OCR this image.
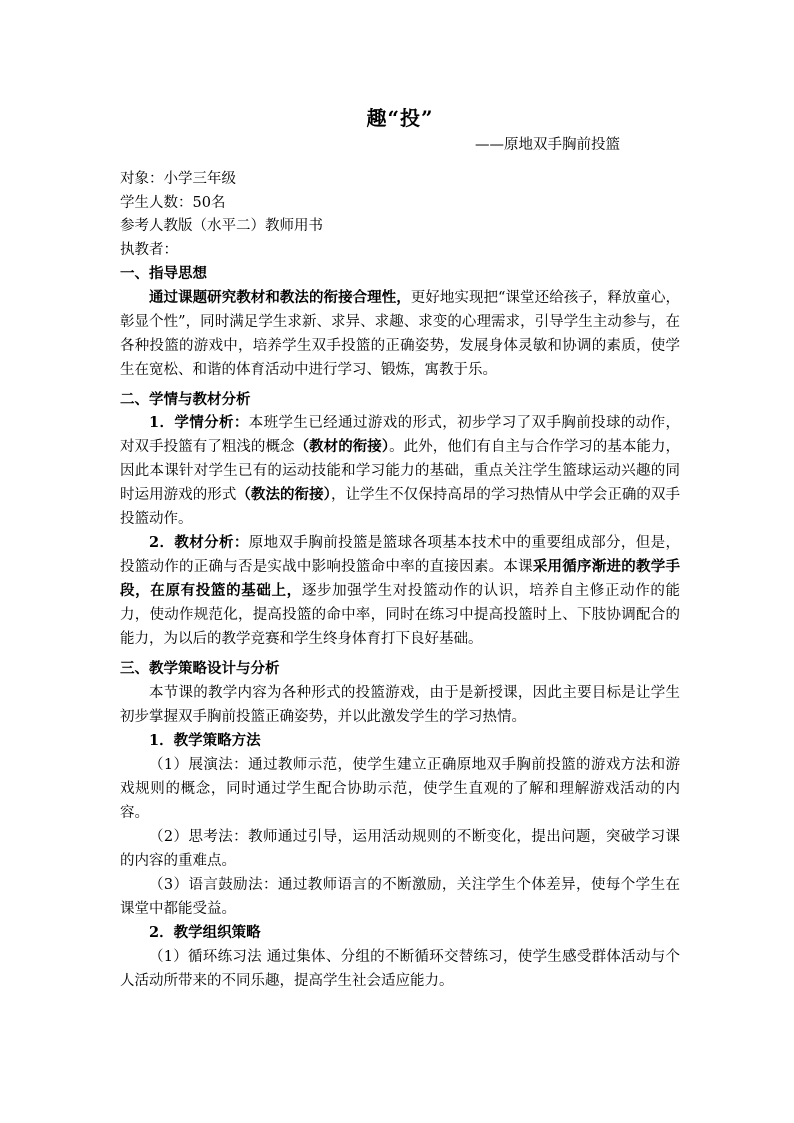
趣“投”
——原地双手胸前投篮

对象：小学三年级

学生人数：50名

参考人教版（水平二）教师用书

执教者：

一、指导思想

通过课题研究教材和教法的衔接合理性，更好地实现把“课堂还给孩子，释放童心，彰显个性”，同时满足学生求新、求异、求趣、求变的心理需求，引导学生主动参与，在各种投篮的游戏中，培养学生双手投篮的正确姿势，发展身体灵敏和协调的素质，使学生在宽松、和谐的体育活动中进行学习、锻炼，寓教于乐。

二、学情与教材分析

1．学情分析：本班学生已经通过游戏的形式，初步学习了双手胸前投球的动作，对双手投篮有了粗浅的概念（教材的衔接）。此外，他们有自主与合作学习的基本能力，因此本课针对学生已有的运动技能和学习能力的基础，重点关注学生篮球运动兴趣的同时运用游戏的形式（教法的衔接），让学生不仅保持高昂的学习热情从中学会正确的双手投篮动作。

2．教材分析：原地双手胸前投篮是篮球各项基本技术中的重要组成部分，但是，投篮动作的正确与否是实战中影响投篮命中率的直接因素。本课采用循序渐进的教学手段，在原有投篮的基础上，逐步加强学生对投篮动作的认识，培养自主修正动作的能力，使动作规范化，提高投篮的命中率，同时在练习中提高投篮时上、下肢协调配合的能力，为以后的教学竞赛和学生终身体育打下良好基础。

三、教学策略设计与分析

本节课的教学内容为各种形式的投篮游戏，由于是新授课，因此主要目标是让学生初步掌握双手胸前投篮正确姿势，并以此激发学生的学习热情。

1．教学策略方法

（1）展演法：通过教师示范，使学生建立正确原地双手胸前投篮的游戏方法和游戏规则的概念，同时通过学生配合协助示范，使学生直观的了解和理解游戏活动的内容。

（2）思考法：教师通过引导，运用活动规则的不断变化，提出问题，突破学习课的内容的重难点。

（3）语言鼓励法：通过教师语言的不断激励，关注学生个体差异，使每个学生在课堂中都能受益。

2．教学组织策略

（1）循环练习法 通过集体、分组的不断循环交替练习，使学生感受群体活动与个人活动所带来的不同乐趣，提高学生社会适应能力。
